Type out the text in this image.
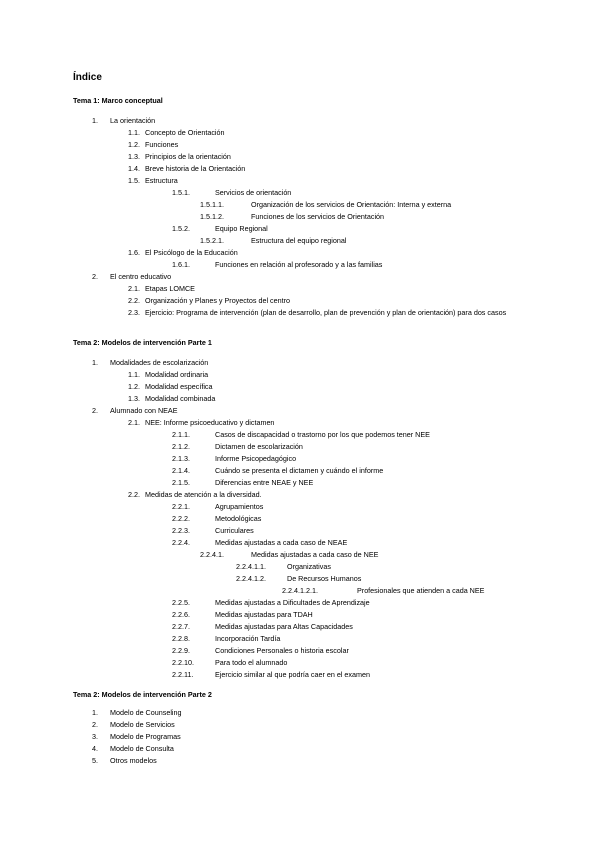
Índice
Tema 1: Marco conceptual
1. La orientación
1.1. Concepto de Orientación
1.2. Funciones
1.3. Principios de la orientación
1.4. Breve historia de la Orientación
1.5. Estructura
1.5.1.	Servicios de orientación
1.5.1.1.	Organización de los servicios de Orientación: Interna y externa
1.5.1.2.	Funciones de los servicios de Orientación
1.5.2.	Equipo Regional
1.5.2.1.	Estructura del equipo regional
1.6. El Psicólogo de la Educación
1.6.1.	Funciones en relación al profesorado y a las familias
2. El centro educativo
2.1. Etapas LOMCE
2.2. Organización y Planes y Proyectos del centro
2.3. Ejercicio: Programa de intervención (plan de desarrollo, plan de prevención y plan de orientación) para dos casos
Tema 2: Modelos de intervención Parte 1
1. Modalidades de escolarización
1.1. Modalidad ordinaria
1.2. Modalidad específica
1.3. Modalidad combinada
2. Alumnado con NEAE
2.1. NEE: Informe psicoeducativo y dictamen
2.1.1.	Casos de discapacidad o trastorno por los que podemos tener NEE
2.1.2.	Dictamen de escolarización
2.1.3.	Informe Psicopedagógico
2.1.4.	Cuándo se presenta el dictamen y cuándo el informe
2.1.5.	Diferencias entre NEAE y NEE
2.2. Medidas de atención a la diversidad.
2.2.1.	Agrupamientos
2.2.2.	Metodológicas
2.2.3.	Curriculares
2.2.4.	Medidas ajustadas a cada caso de NEAE
2.2.4.1.	Medidas ajustadas a cada caso de NEE
2.2.4.1.1.	Organizativas
2.2.4.1.2.	De Recursos Humanos
2.2.4.1.2.1.	Profesionales que atienden a cada NEE
2.2.5.	Medidas ajustadas a Dificultades de Aprendizaje
2.2.6.	Medidas ajustadas para TDAH
2.2.7.	Medidas ajustadas para Altas Capacidades
2.2.8.	Incorporación Tardía
2.2.9.	Condiciones Personales o historia escolar
2.2.10.	Para todo el alumnado
2.2.11.	Ejercicio similar al que podría caer en el examen
Tema 2: Modelos de intervención Parte 2
1. Modelo de Counseling
2. Modelo de Servicios
3. Modelo de Programas
4. Modelo de Consulta
5. Otros modelos
